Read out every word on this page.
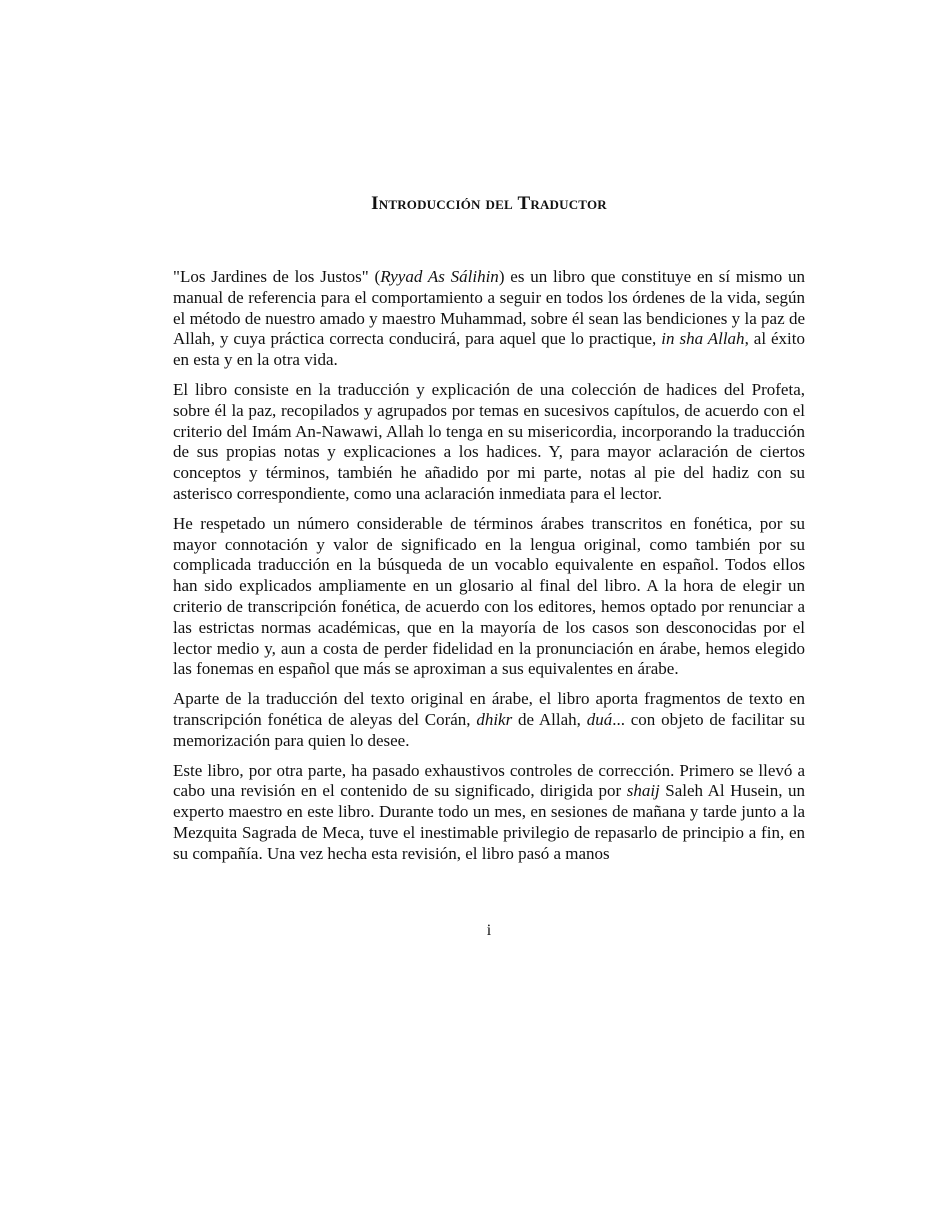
Introducción del Traductor

"Los Jardines de los Justos" (Ryyad As Sálihin) es un libro que constituye en sí mismo un manual de referencia para el comportamiento a seguir en todos los órdenes de la vida, según el método de nuestro amado y maestro Muhammad, sobre él sean las bendiciones y la paz de Allah, y cuya práctica correcta conducirá, para aquel que lo practique, in sha Allah, al éxito en esta y en la otra vida.

El libro consiste en la traducción y explicación de una colección de hadices del Profeta, sobre él la paz, recopilados y agrupados por temas en sucesivos capítulos, de acuerdo con el criterio del Imám An-Nawawi, Allah lo tenga en su misericordia, incorporando la traducción de sus propias notas y explicaciones a los hadices. Y, para mayor aclaración de ciertos conceptos y términos, también he añadido por mi parte, notas al pie del hadiz con su asterisco correspondiente, como una aclaración inmediata para el lector.

He respetado un número considerable de términos árabes transcritos en fonética, por su mayor connotación y valor de significado en la lengua original, como también por su complicada traducción en la búsqueda de un vocablo equivalente en español. Todos ellos han sido explicados ampliamente en un glosario al final del libro. A la hora de elegir un criterio de transcripción fonética, de acuerdo con los editores, hemos optado por renunciar a las estrictas normas académicas, que en la mayoría de los casos son desconocidas por el lector medio y, aun a costa de perder fidelidad en la pronunciación en árabe, hemos elegido las fonemas en español que más se aproximan a sus equivalentes en árabe.

Aparte de la traducción del texto original en árabe, el libro aporta fragmentos de texto en transcripción fonética de aleyas del Corán, dhikr de Allah, duá... con objeto de facilitar su memorización para quien lo desee.

Este libro, por otra parte, ha pasado exhaustivos controles de corrección. Primero se llevó a cabo una revisión en el contenido de su significado, dirigida por shaij Saleh Al Husein, un experto maestro en este libro. Durante todo un mes, en sesiones de mañana y tarde junto a la Mezquita Sagrada de Meca, tuve el inestimable privilegio de repasarlo de principio a fin, en su compañía. Una vez hecha esta revisión, el libro pasó a manos

i
